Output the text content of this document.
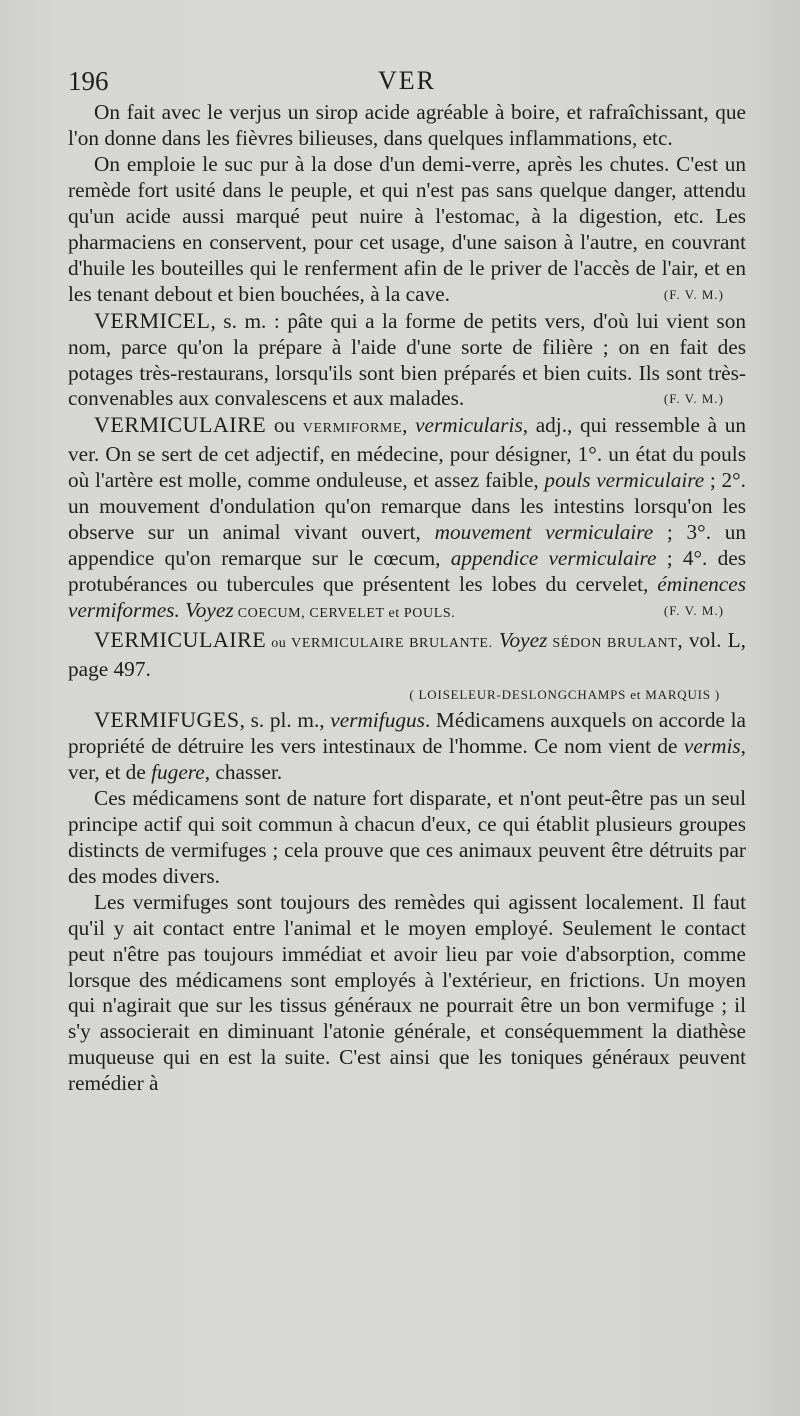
196	VER

On fait avec le verjus un sirop acide agréable à boire, et rafraîchissant, que l'on donne dans les fièvres bilieuses, dans quelques inflammations, etc.

On emploie le suc pur à la dose d'un demi-verre, après les chutes. C'est un remède fort usité dans le peuple, et qui n'est pas sans quelque danger, attendu qu'un acide aussi marqué peut nuire à l'estomac, à la digestion, etc. Les pharmaciens en conservent, pour cet usage, d'une saison à l'autre, en couvrant d'huile les bouteilles qui le renferment afin de le priver de l'accès de l'air, et en les tenant debout et bien bouchées, à la cave.	(F. V. M.)

VERMICEL, s. m. : pâte qui a la forme de petits vers, d'où lui vient son nom, parce qu'on la prépare à l'aide d'une sorte de filière ; on en fait des potages très-restaurans, lorsqu'ils sont bien préparés et bien cuits. Ils sont très-convenables aux convalescens et aux malades.	(F. V. M.)

VERMICULAIRE ou VERMIFORME, vermicularis, adj., qui ressemble à un ver. On se sert de cet adjectif, en médecine, pour désigner, 1°. un état du pouls où l'artère est molle, comme onduleuse, et assez faible, pouls vermiculaire ; 2°. un mouvement d'ondulation qu'on remarque dans les intestins lorsqu'on les observe sur un animal vivant ouvert, mouvement vermiculaire ; 3°. un appendice qu'on remarque sur le cœcum, appendice vermiculaire ; 4°. des protubérances ou tubercules que présentent les lobes du cervelet, éminences vermiformes. Voyez COECUM, CERVELET et POULS.	(F. V. M.)

VERMICULAIRE ou VERMICULAIRE BRULANTE. Voyez SÉDON BRULANT, vol. L, page 497.

( LOISELEUR-DESLONGCHAMPS et MARQUIS )

VERMIFUGES, s. pl. m., vermifugus. Médicamens auxquels on accorde la propriété de détruire les vers intestinaux de l'homme. Ce nom vient de vermis, ver, et de fugere, chasser.

Ces médicamens sont de nature fort disparate, et n'ont peut-être pas un seul principe actif qui soit commun à chacun d'eux, ce qui établit plusieurs groupes distincts de vermifuges ; cela prouve que ces animaux peuvent être détruits par des modes divers.

Les vermifuges sont toujours des remèdes qui agissent localement. Il faut qu'il y ait contact entre l'animal et le moyen employé. Seulement le contact peut n'être pas toujours immédiat et avoir lieu par voie d'absorption, comme lorsque des médicamens sont employés à l'extérieur, en frictions. Un moyen qui n'agirait que sur les tissus généraux ne pourrait être un bon vermifuge ; il s'y associerait en diminuant l'atonie générale, et conséquemment la diathèse muqueuse qui en est la suite. C'est ainsi que les toniques généraux peuvent remédier à
